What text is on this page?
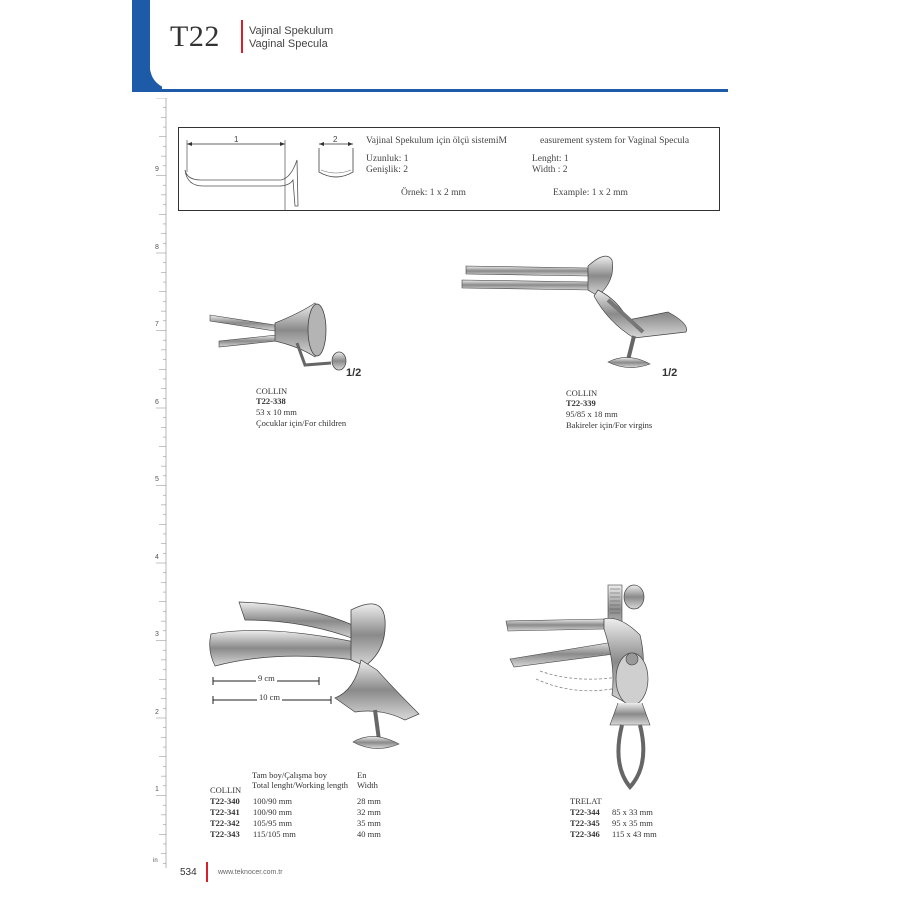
T22	Vajinal Spekulum
Vaginal Specula
9
8
7
6
5
4
3
2
1
in
1	2	Vajinal Spekulum için ölçü sistemiM	easurement system for Vaginal Specula
Uzunluk: 1
Genişlik: 2
Lenght: 1
Width : 2
Örnek: 1 x 2 mm	Example: 1 x 2 mm
1/2
COLLIN
T22-338
53 x 10 mm
Çocuklar için/For children
1/2
COLLIN
T22-339
95/85 x 18 mm
Bakireler için/For virgins
9 cm
10 cm
Tam boy/Çalışma boy
Total lenght/Working length
En
Width
COLLIN
T22-340 100/90 mm	28 mm
T22-341 100/90 mm	32 mm
T22-342 105/95 mm	35 mm
T22-343 115/105 mm	40 mm
TRELAT
T22-344 85 x 33 mm
T22-345 95 x 35 mm
T22-346 115 x 43 mm
534	www.teknocer.com.tr
